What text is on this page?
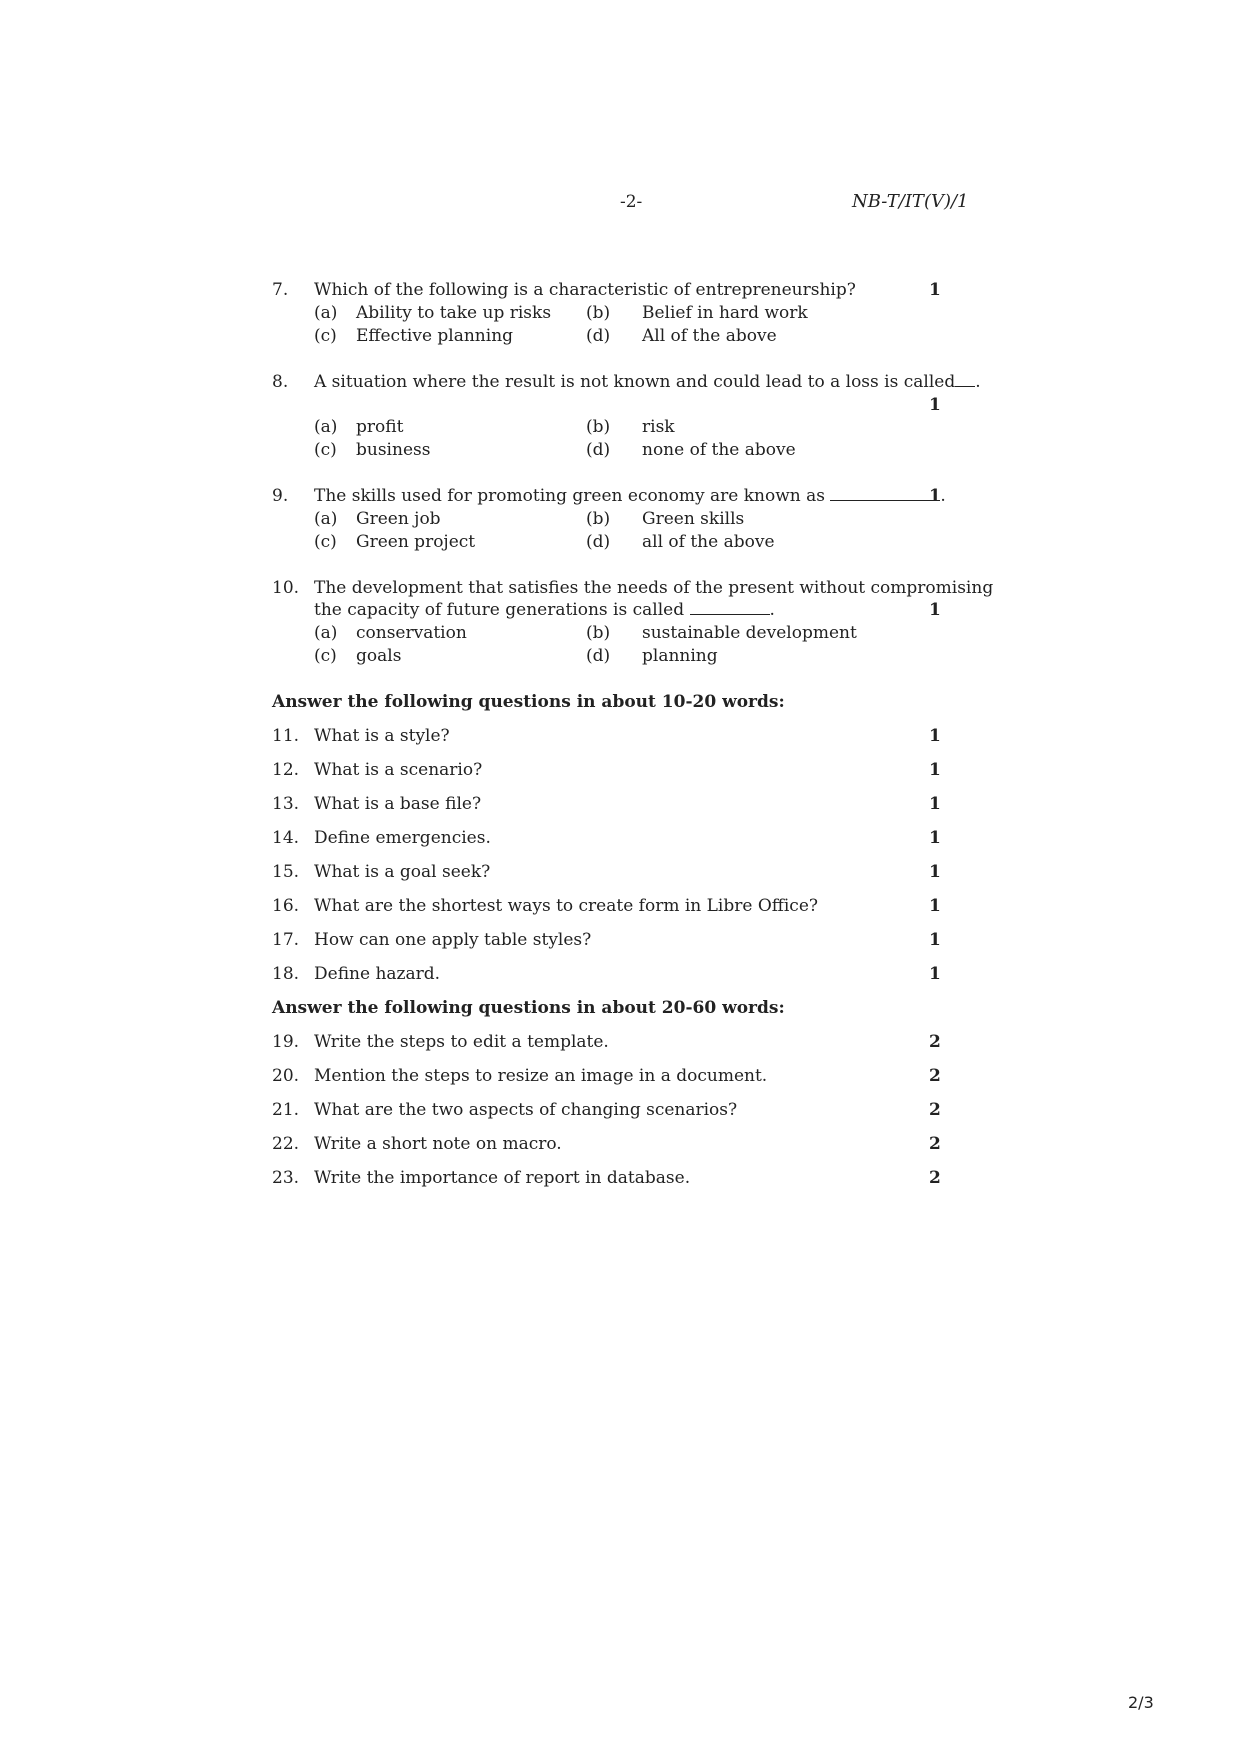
-2-	NB-T/IT(V)/1
7. Which of the following is a characteristic of entrepreneurship?	1
(a) Ability to take up risks (b) Belief in hard work
(c) Effective planning	(d) All of the above
8. A situation where the result is not known and could lead to a loss is called .
1
(a) profit	(b) risk
(c) business	(d) none of the above
9. The skills used for promoting green economy are known as	.
1
(a) Green job	(b) Green skills
(c) Green project	(d) all of the above
10. The development that satisfies the needs of the present without compromising
the capacity of future generations is called	.	1
(a) conservation	(b) sustainable development
(c) goals	(d) planning
Answer the following questions in about 10-20 words:
11. What is a style?	1
12. What is a scenario?	1
13. What is a base file?	1
14. Define emergencies.	1
15. What is a goal seek?	1
16. What are the shortest ways to create form in Libre Office?	1
17. How can one apply table styles?	1
18. Define hazard.	1
Answer the following questions in about 20-60 words:
19. Write the steps to edit a template.	2
20. Mention the steps to resize an image in a document.	2
21. What are the two aspects of changing scenarios?	2
22. Write a short note on macro.	2
23. Write the importance of report in database.	2
2/3
